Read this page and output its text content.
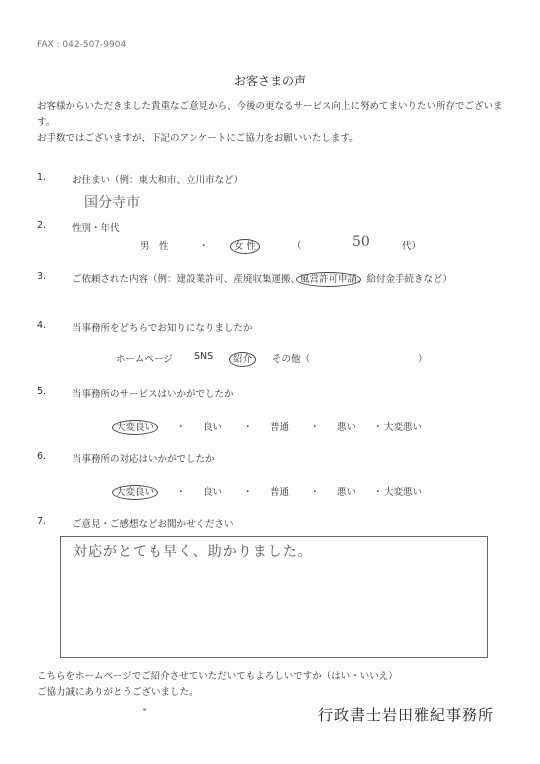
FAX : 042-507-9904
お客さまの声
お客様からいただきました貴重なご意見から、今後の更なるサービス向上に努めてまいりたい所存でございます。
お手数ではございますが、下記のアンケートにご協力をお願いいたします。
1.	お住まい（例：東大和市、立川市など）
国分寺市
2.	性別・年代
男　性	・	女 性	（	50	代）
3.	ご依頼された内容（例：建設業許可、産廃収集運搬、風営許可申請、給付金手続きなど）
4.	当事務所をどちらでお知りになりましたか
ホームページ SNS 紹介 その他（	）
5.	当事務所のサービスはいかがでしたか
大変良い ・ 良い ・ 普通 ・ 悪い ・ 大変悪い
6.	当事務所の対応はいかがでしたか
大変良い ・ 良い ・ 普通 ・ 悪い ・ 大変悪い
7.	ご意見・ご感想などお聞かせください
対応がとても早く、助かりました。
こちらをホームページでご紹介させていただいてもよろしいですか（はい・いいえ）
ご協力誠にありがとうございました。
行政書士岩田雅紀事務所
